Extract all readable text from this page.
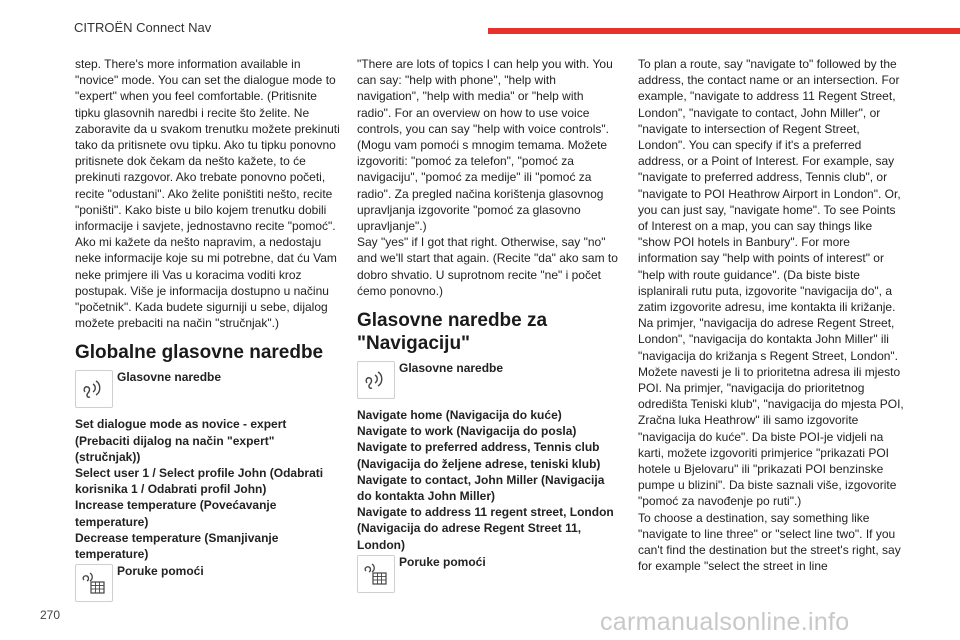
CITROËN Connect Nav

step. There's more information available in "novice" mode. You can set the dialogue mode to "expert" when you feel comfortable. (Pritisnite tipku glasovnih naredbi i recite što želite. Ne zaboravite da u svakom trenutku možete prekinuti tako da pritisnete ovu tipku. Ako tu tipku ponovno pritisnete dok čekam da nešto kažete, to će prekinuti razgovor. Ako trebate ponovno početi, recite "odustani". Ako želite poništiti nešto, recite "poništi". Kako biste u bilo kojem trenutku dobili informacije i savjete, jednostavno recite "pomoć". Ako mi kažete da nešto napravim, a nedostaju neke informacije koje su mi potrebne, dat ću Vam neke primjere ili Vas u koracima voditi kroz postupak. Više je informacija dostupno u načinu "početnik". Kada budete sigurniji u sebe, dijalog možete prebaciti na način "stručnjak".)

Globalne glasovne naredbe
Glasovne naredbe

Set dialogue mode as novice - expert (Prebaciti dijalog na način "expert" (stručnjak))
Select user 1 / Select profile John (Odabrati korisnika 1 / Odabrati profil John)
Increase temperature (Povećavanje temperature)
Decrease temperature (Smanjivanje temperature)

Poruke pomoći

"There are lots of topics I can help you with. You can say: "help with phone", "help with navigation", "help with media" or "help with radio". For an overview on how to use voice controls, you can say "help with voice controls". (Mogu vam pomoći s mnogim temama. Možete izgovoriti: "pomoć za telefon", "pomoć za navigaciju", "pomoć za medije" ili "pomoć za radio". Za pregled načina korištenja glasovnog upravljanja izgovorite "pomoć za glasovno upravljanje".)
Say "yes" if I got that right. Otherwise, say "no" and we'll start that again. (Recite "da" ako sam to dobro shvatio. U suprotnom recite "ne" i počet ćemo ponovno.)

Glasovne naredbe za "Navigaciju"
Glasovne naredbe

Navigate home (Navigacija do kuće)
Navigate to work (Navigacija do posla)
Navigate to preferred address, Tennis club (Navigacija do željene adrese, teniski klub)
Navigate to contact, John Miller (Navigacija do kontakta John Miller)
Navigate to address 11 regent street, London (Navigacija do adrese Regent Street 11, London)

Poruke pomoći

To plan a route, say "navigate to" followed by the address, the contact name or an intersection. For example, "navigate to address 11 Regent Street, London", "navigate to contact, John Miller", or "navigate to intersection of Regent Street, London". You can specify if it's a preferred address, or a Point of Interest. For example, say "navigate to preferred address, Tennis club", or "navigate to POI Heathrow Airport in London". Or, you can just say, "navigate home". To see Points of Interest on a map, you can say things like "show POI hotels in Banbury". For more information say "help with points of interest" or "help with route guidance". (Da biste biste isplanirali rutu puta, izgovorite "navigacija do", a zatim izgovorite adresu, ime kontakta ili križanje. Na primjer, "navigacija do adrese Regent Street, London", "navigacija do kontakta John Miller" ili "navigacija do križanja s Regent Street, London". Možete navesti je li to prioritetna adresa ili mjesto POI. Na primjer, "navigacija do prioritetnog odredišta Teniski klub", "navigacija do mjesta POI, Zračna luka Heathrow" ili samo izgovorite "navigacija do kuće". Da biste POI-je vidjeli na karti, možete izgovoriti primjerice "prikazati POI hotele u Bjelovaru" ili "prikazati POI benzinske pumpe u blizini". Da biste saznali više, izgovorite "pomoć za navođenje po ruti".)
To choose a destination, say something like "navigate to line three" or "select line two". If you can't find the destination but the street's right, say for example "select the street in line

270	carmanualsonline.info
